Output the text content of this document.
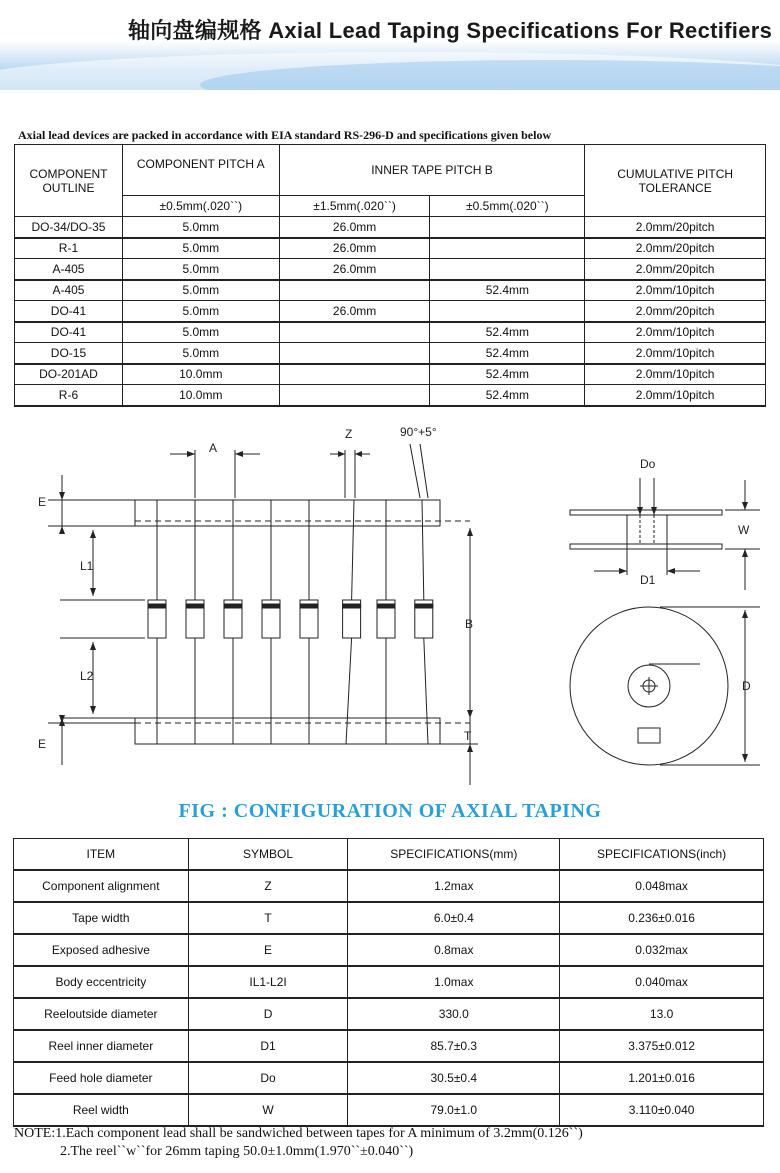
轴向盘编规格 Axial Lead Taping Specifications For Rectifiers
Axial lead devices are packed in accordance with EIA standard RS-296-D and specifications given below
COMPONENT OUTLINE	COMPONENT PITCH A	INNER TAPE PITCH B		CUMULATIVE PITCH TOLERANCE
	±0.5mm(.020``)	±1.5mm(.020``)	±0.5mm(.020``)	
DO-34/DO-35	5.0mm	26.0mm		2.0mm/20pitch
R-1	5.0mm	26.0mm		2.0mm/20pitch
A-405	5.0mm	26.0mm		2.0mm/20pitch
A-405	5.0mm		52.4mm	2.0mm/10pitch
DO-41	5.0mm	26.0mm		2.0mm/20pitch
DO-41	5.0mm		52.4mm	2.0mm/10pitch
DO-15	5.0mm		52.4mm	2.0mm/10pitch
DO-201AD	10.0mm		52.4mm	2.0mm/10pitch
R-6	10.0mm		52.4mm	2.0mm/10pitch
A
Z	90°+5°
E
L1
L2
E
B
T
Do
W
D1
D
FIG : CONFIGURATION OF AXIAL TAPING
ITEM	SYMBOL	SPECIFICATIONS(mm)	SPECIFICATIONS(inch)
Component alignment	Z	1.2max	0.048max
Tape width	T	6.0±0.4	0.236±0.016
Exposed adhesive	E	0.8max	0.032max
Body eccentricity	IL1-L2I	1.0max	0.040max
Reeloutside diameter	D	330.0	13.0
Reel inner diameter	D1	85.7±0.3	3.375±0.012
Feed hole diameter	Do	30.5±0.4	1.201±0.016
Reel width	W	79.0±1.0	3.110±0.040
NOTE:1.Each component lead shall be sandwiched between tapes for A minimum of 3.2mm(0.126``)
2.The reel``w``for 26mm taping 50.0±1.0mm(1.970``±0.040``)
